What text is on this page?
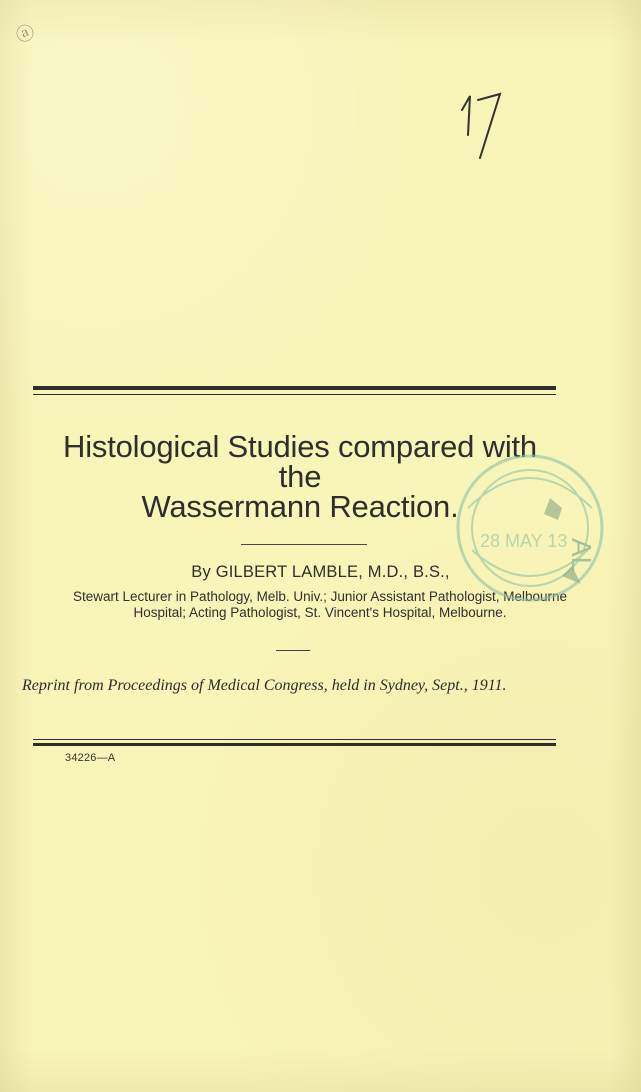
ⓐ
Histological Studies compared with the
Wassermann Reaction.
By GILBERT LAMBLE, M.D., B.S.,
Stewart Lecturer in Pathology, Melb. Univ.; Junior Assistant Pathologist, Melbourne
Hospital; Acting Pathologist, St. Vincent's Hospital, Melbourne.
Reprint from Proceedings of Medical Congress, held in Sydney, Sept., 1911.
34226—A
28 MAY 13
AL
